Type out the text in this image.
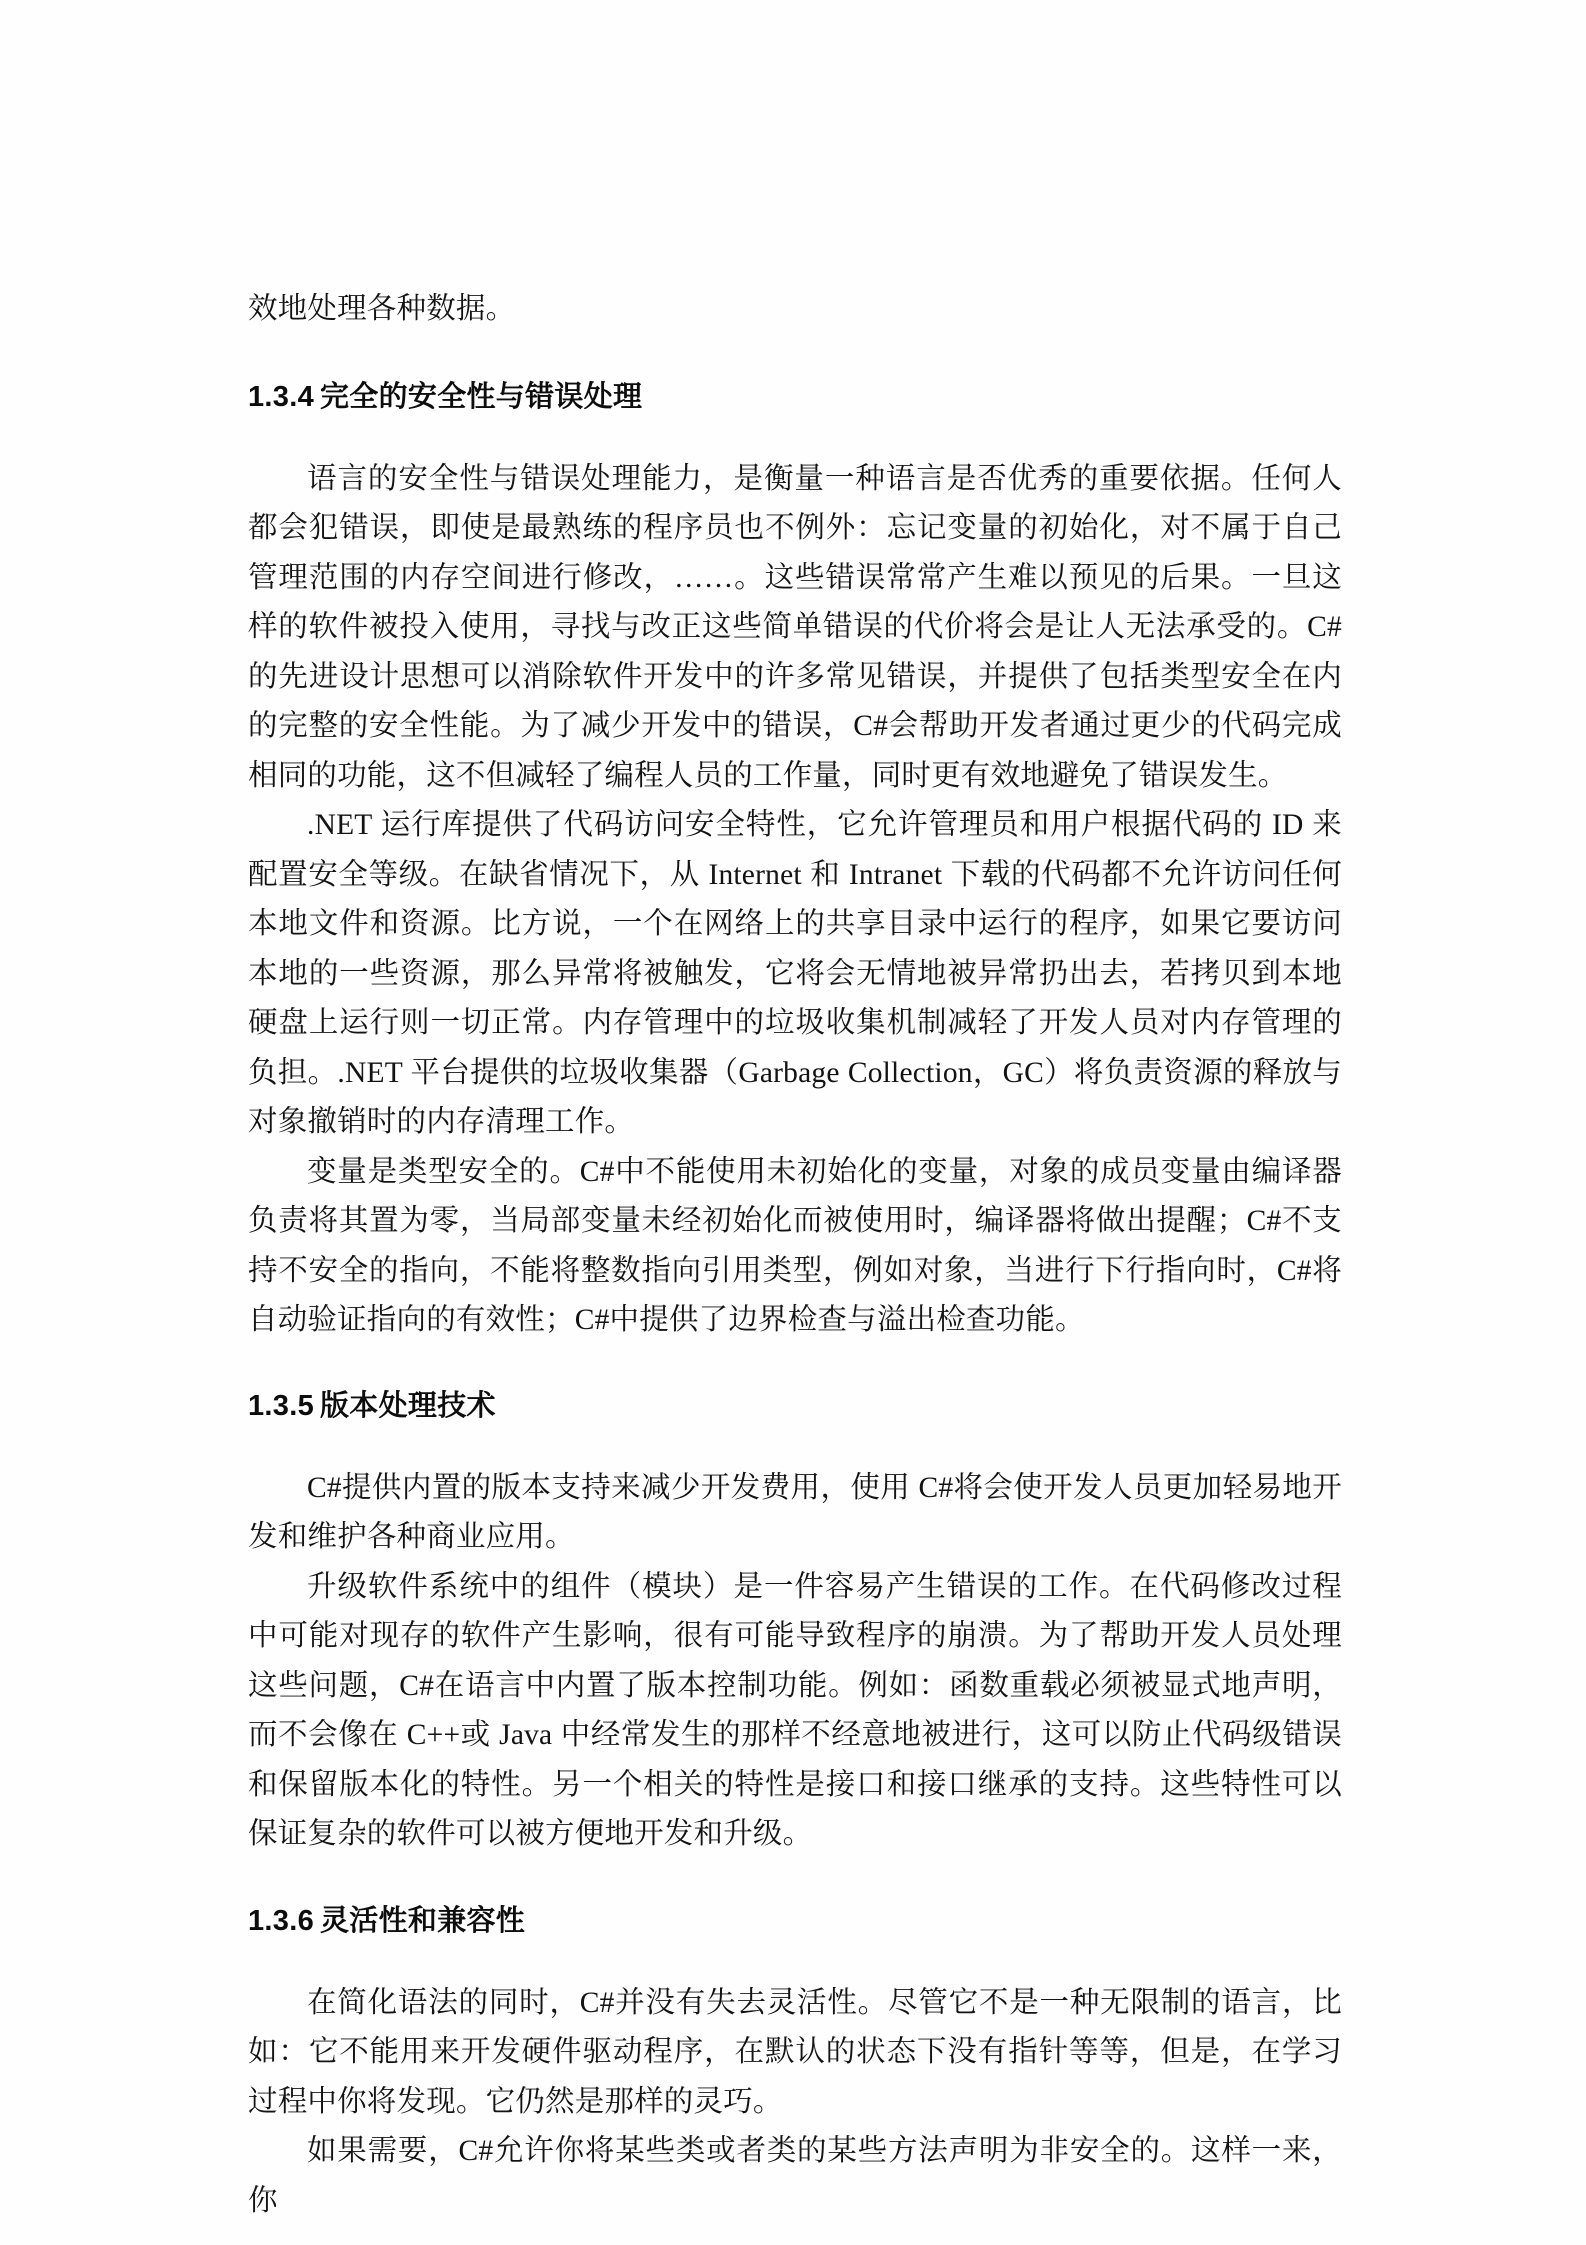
效地处理各种数据。

1.3.4 完全的安全性与错误处理

语言的安全性与错误处理能力，是衡量一种语言是否优秀的重要依据。任何人都会犯错误，即使是最熟练的程序员也不例外：忘记变量的初始化，对不属于自己管理范围的内存空间进行修改，……。这些错误常常产生难以预见的后果。一旦这样的软件被投入使用，寻找与改正这些简单错误的代价将会是让人无法承受的。C#的先进设计思想可以消除软件开发中的许多常见错误，并提供了包括类型安全在内的完整的安全性能。为了减少开发中的错误，C#会帮助开发者通过更少的代码完成相同的功能，这不但减轻了编程人员的工作量，同时更有效地避免了错误发生。

.NET 运行库提供了代码访问安全特性，它允许管理员和用户根据代码的 ID 来配置安全等级。在缺省情况下，从 Internet 和 Intranet 下载的代码都不允许访问任何本地文件和资源。比方说，一个在网络上的共享目录中运行的程序，如果它要访问本地的一些资源，那么异常将被触发，它将会无情地被异常扔出去，若拷贝到本地硬盘上运行则一切正常。内存管理中的垃圾收集机制减轻了开发人员对内存管理的负担。.NET 平台提供的垃圾收集器（Garbage Collection，GC）将负责资源的释放与对象撤销时的内存清理工作。

变量是类型安全的。C#中不能使用未初始化的变量，对象的成员变量由编译器负责将其置为零，当局部变量未经初始化而被使用时，编译器将做出提醒；C#不支持不安全的指向，不能将整数指向引用类型，例如对象，当进行下行指向时，C#将自动验证指向的有效性；C#中提供了边界检查与溢出检查功能。

1.3.5 版本处理技术

C#提供内置的版本支持来减少开发费用，使用 C#将会使开发人员更加轻易地开发和维护各种商业应用。

升级软件系统中的组件（模块）是一件容易产生错误的工作。在代码修改过程中可能对现存的软件产生影响，很有可能导致程序的崩溃。为了帮助开发人员处理这些问题，C#在语言中内置了版本控制功能。例如：函数重载必须被显式地声明，而不会像在 C++或 Java 中经常发生的那样不经意地被进行，这可以防止代码级错误和保留版本化的特性。另一个相关的特性是接口和接口继承的支持。这些特性可以保证复杂的软件可以被方便地开发和升级。

1.3.6 灵活性和兼容性

在简化语法的同时，C#并没有失去灵活性。尽管它不是一种无限制的语言，比如：它不能用来开发硬件驱动程序，在默认的状态下没有指针等等，但是，在学习过程中你将发现。它仍然是那样的灵巧。

如果需要，C#允许你将某些类或者类的某些方法声明为非安全的。这样一来，你
